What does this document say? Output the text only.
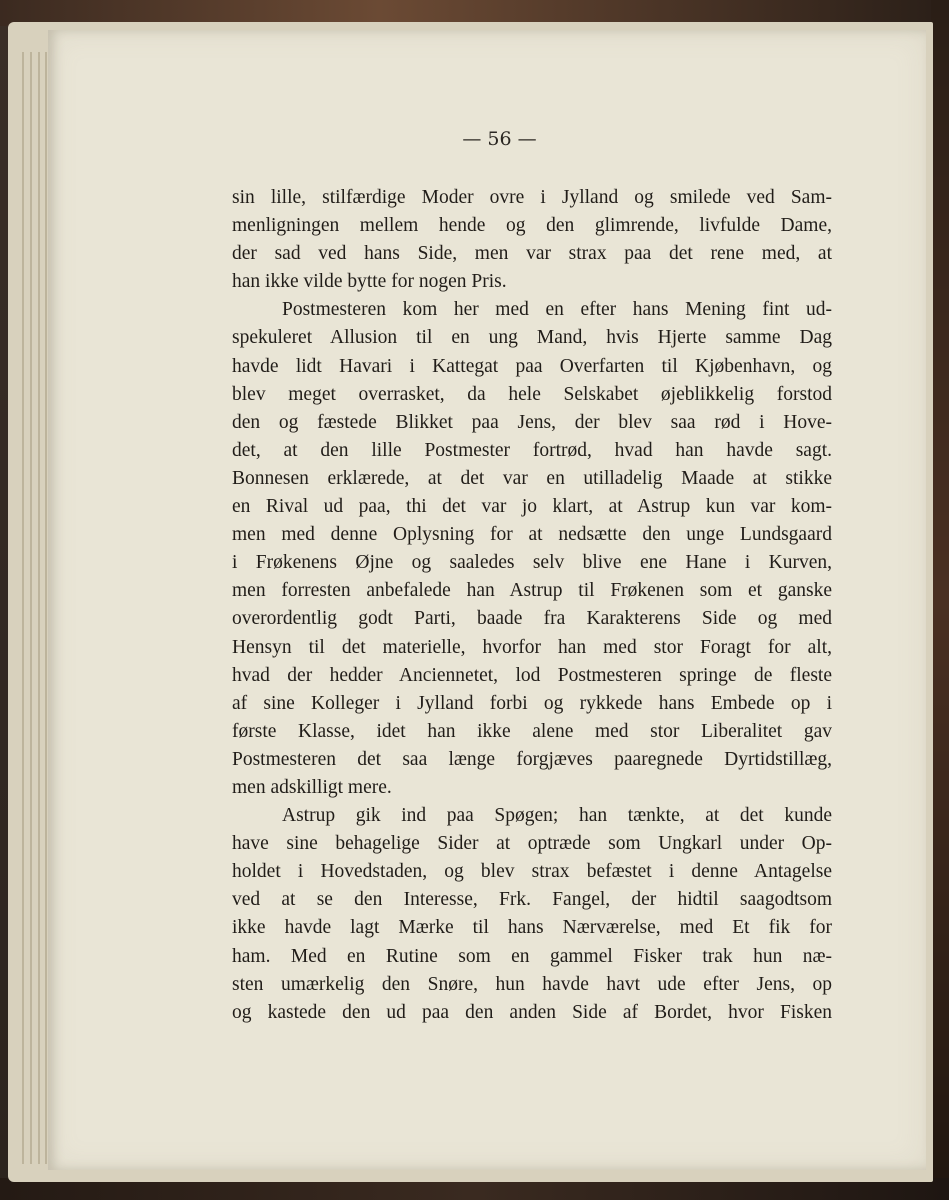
— 56 —
sin lille, stilfærdige Moder ovre i Jylland og smilede ved Sam-
menligningen mellem hende og den glimrende, livfulde Dame,
der sad ved hans Side, men var strax paa det rene med, at
han ikke vilde bytte for nogen Pris.
Postmesteren kom her med en efter hans Mening fint ud-
spekuleret Allusion til en ung Mand, hvis Hjerte samme Dag
havde lidt Havari i Kattegat paa Overfarten til Kjøbenhavn, og
blev meget overrasket, da hele Selskabet øjeblikkelig forstod
den og fæstede Blikket paa Jens, der blev saa rød i Hove-
det, at den lille Postmester fortrød, hvad han havde sagt.
Bonnesen erklærede, at det var en utilladelig Maade at stikke
en Rival ud paa, thi det var jo klart, at Astrup kun var kom-
men med denne Oplysning for at nedsætte den unge Lundsgaard
i Frøkenens Øjne og saaledes selv blive ene Hane i Kurven,
men forresten anbefalede han Astrup til Frøkenen som et ganske
overordentlig godt Parti, baade fra Karakterens Side og med
Hensyn til det materielle, hvorfor han med stor Foragt for alt,
hvad der hedder Anciennetet, lod Postmesteren springe de fleste
af sine Kolleger i Jylland forbi og rykkede hans Embede op i
første Klasse, idet han ikke alene med stor Liberalitet gav
Postmesteren det saa længe forgjæves paaregnede Dyrtidstillæg,
men adskilligt mere.
Astrup gik ind paa Spøgen; han tænkte, at det kunde
have sine behagelige Sider at optræde som Ungkarl under Op-
holdet i Hovedstaden, og blev strax befæstet i denne Antagelse
ved at se den Interesse, Frk. Fangel, der hidtil saagodtsom
ikke havde lagt Mærke til hans Nærværelse, med Et fik for
ham. Med en Rutine som en gammel Fisker trak hun næ-
sten umærkelig den Snøre, hun havde havt ude efter Jens, op
og kastede den ud paa den anden Side af Bordet, hvor Fisken
